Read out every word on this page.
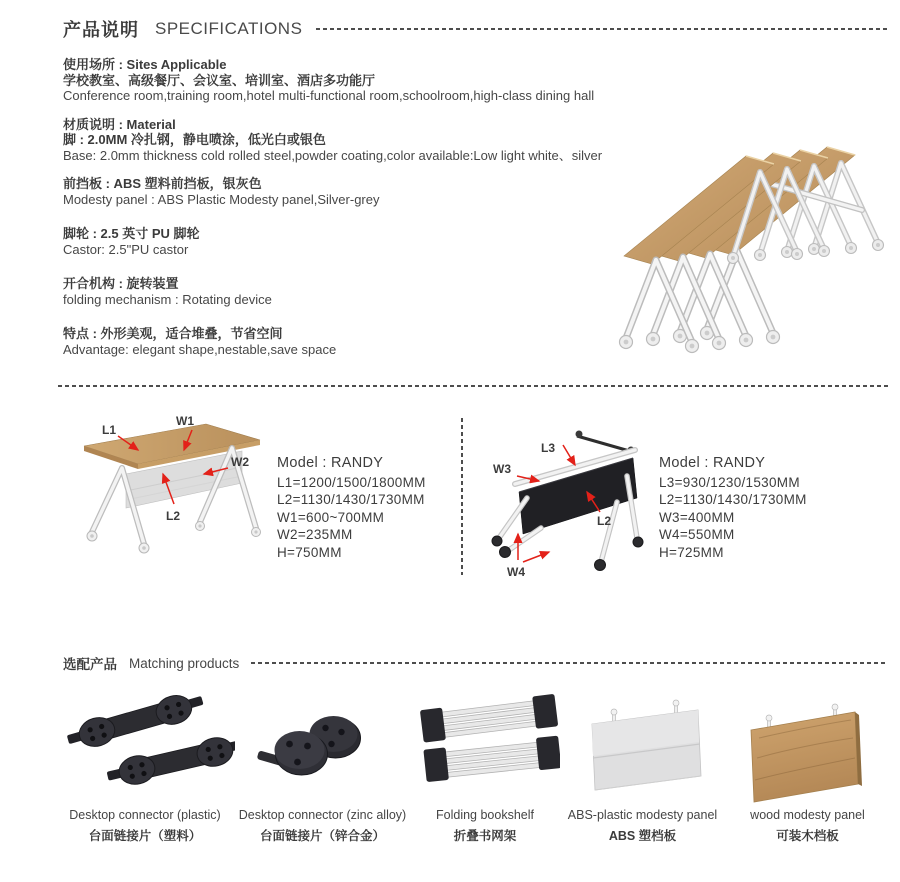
产品说明 SPECIFICATIONS
使用场所 : Sites Applicable
学校教室、高级餐厅、会议室、培训室、酒店多功能厅
Conference room,training room,hotel multi-functional room,schoolroom,high-class dining hall
材质说明 : Material
脚 : 2.0MM 冷扎钢，静电喷涂，低光白或银色
Base: 2.0mm thickness cold rolled steel,powder coating,color available:Low light white、silver
前挡板 : ABS 塑料前挡板，银灰色
Modesty panel : ABS Plastic Modesty panel,Silver-grey
脚轮 : 2.5 英寸 PU 脚轮
Castor: 2.5"PU castor
开合机构 : 旋转装置
folding mechanism : Rotating device
特点 : 外形美观，适合堆叠，节省空间
Advantage: elegant shape,nestable,save space
L1
W1
W2
L2
Model : RANDY
L1=1200/1500/1800MM
L2=1130/1430/1730MM
W1=600~700MM
W2=235MM
H=750MM
L3
W3
L2
W4
Model : RANDY
L3=930/1230/1530MM
L2=1130/1430/1730MM
W3=400MM
W4=550MM
H=725MM
选配产品 Matching products
Desktop connector (plastic)
台面链接片（塑料）
Desktop connector (zinc alloy)
台面链接片（锌合金）
Folding bookshelf
折叠书网架
ABS-plastic modesty panel
ABS 塑档板
wood modesty panel
可装木档板
